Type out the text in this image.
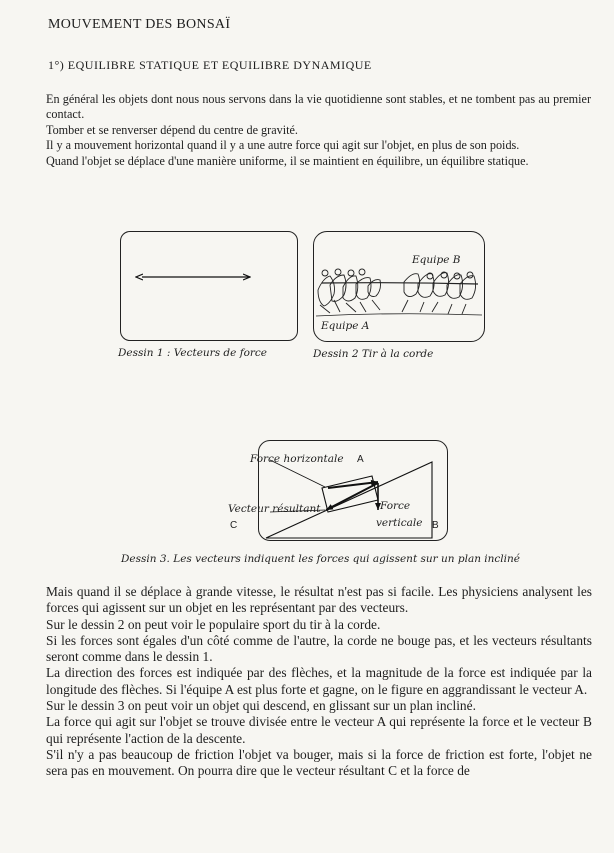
MOUVEMENT DES BONSAÏ
1°) EQUILIBRE STATIQUE ET EQUILIBRE DYNAMIQUE

En général les objets dont nous nous servons dans la vie quotidienne sont stables, et ne tombent pas au premier contact.

Tomber et se renverser dépend du centre de gravité.

Il y a mouvement horizontal quand il y a une autre force qui agit sur l'objet, en plus de son poids.

Quand l'objet se déplace d'une manière uniforme, il se maintient en équilibre, un équilibre statique.

Dessin 1 : Vecteurs de force
Equipe B
Equipe A
Dessin 2 Tir à la corde
Force horizontale A
Vecteur résultant
C
Force
verticale B
Dessin 3. Les vecteurs indiquent les forces qui agissent sur un plan incliné

Mais quand il se déplace à grande vitesse, le résultat n'est pas si facile. Les physiciens analysent les forces qui agissent sur un objet en les représentant par des vecteurs.

Sur le dessin 2 on peut voir le populaire sport du tir à la corde.

Si les forces sont égales d'un côté comme de l'autre, la corde ne bouge pas, et les vecteurs résultants seront comme dans le dessin 1.

La direction des forces est indiquée par des flèches, et la magnitude de la force est indiquée par la longitude des flèches. Si l'équipe A est plus forte et gagne, on le figure en aggrandissant le vecteur A.

Sur le dessin 3 on peut voir un objet qui descend, en glissant sur un plan incliné.

La force qui agit sur l'objet se trouve divisée entre le vecteur A qui représente la force et le vecteur B qui représente l'action de la descente.

S'il n'y a pas beaucoup de friction l'objet va bouger, mais si la force de friction est forte, l'objet ne sera pas en mouvement. On pourra dire que le vecteur résultant C et la force de
